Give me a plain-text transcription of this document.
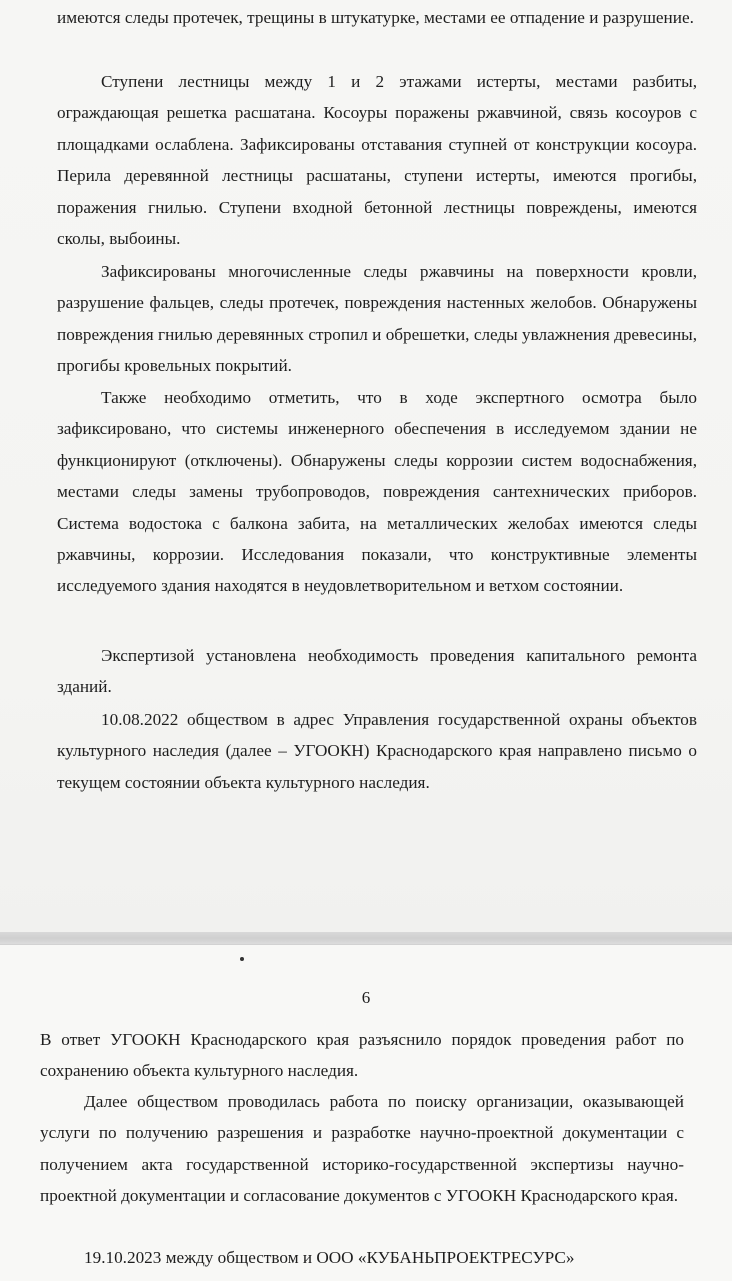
имеются следы протечек, трещины в штукатурке, местами ее отпадение и разрушение.

Ступени лестницы между 1 и 2 этажами истерты, местами разбиты, ограждающая решетка расшатана. Косоуры поражены ржавчиной, связь косоуров с площадками ослаблена. Зафиксированы отставания ступней от конструкции косоура. Перила деревянной лестницы расшатаны, ступени истерты, имеются прогибы, поражения гнилью. Ступени входной бетонной лестницы повреждены, имеются сколы, выбоины.

Зафиксированы многочисленные следы ржавчины на поверхности кровли, разрушение фальцев, следы протечек, повреждения настенных желобов. Обнаружены повреждения гнилью деревянных стропил и обрешетки, следы увлажнения древесины, прогибы кровельных покрытий.

Также необходимо отметить, что в ходе экспертного осмотра было зафиксировано, что системы инженерного обеспечения в исследуемом здании не функционируют (отключены). Обнаружены следы коррозии систем водоснабжения, местами следы замены трубопроводов, повреждения сантехнических приборов. Система водостока с балкона забита, на металлических желобах имеются следы ржавчины, коррозии. Исследования показали, что конструктивные элементы исследуемого здания находятся в неудовлетворительном и ветхом состоянии.

Экспертизой установлена необходимость проведения капитального ремонта зданий.

10.08.2022 обществом в адрес Управления государственной охраны объектов культурного наследия (далее – УГООКН) Краснодарского края направлено письмо о текущем состоянии объекта культурного наследия.

6

В ответ УГООКН Краснодарского края разъяснило порядок проведения работ по сохранению объекта культурного наследия.

Далее обществом проводилась работа по поиску организации, оказывающей услуги по получению разрешения и разработке научно-проектной документации с получением акта государственной историко-государственной экспертизы научно-проектной документации и согласование документов с УГООКН Краснодарского края.

19.10.2023 между обществом и ООО «КУБАНЬПРОЕКТРЕСУРС»
